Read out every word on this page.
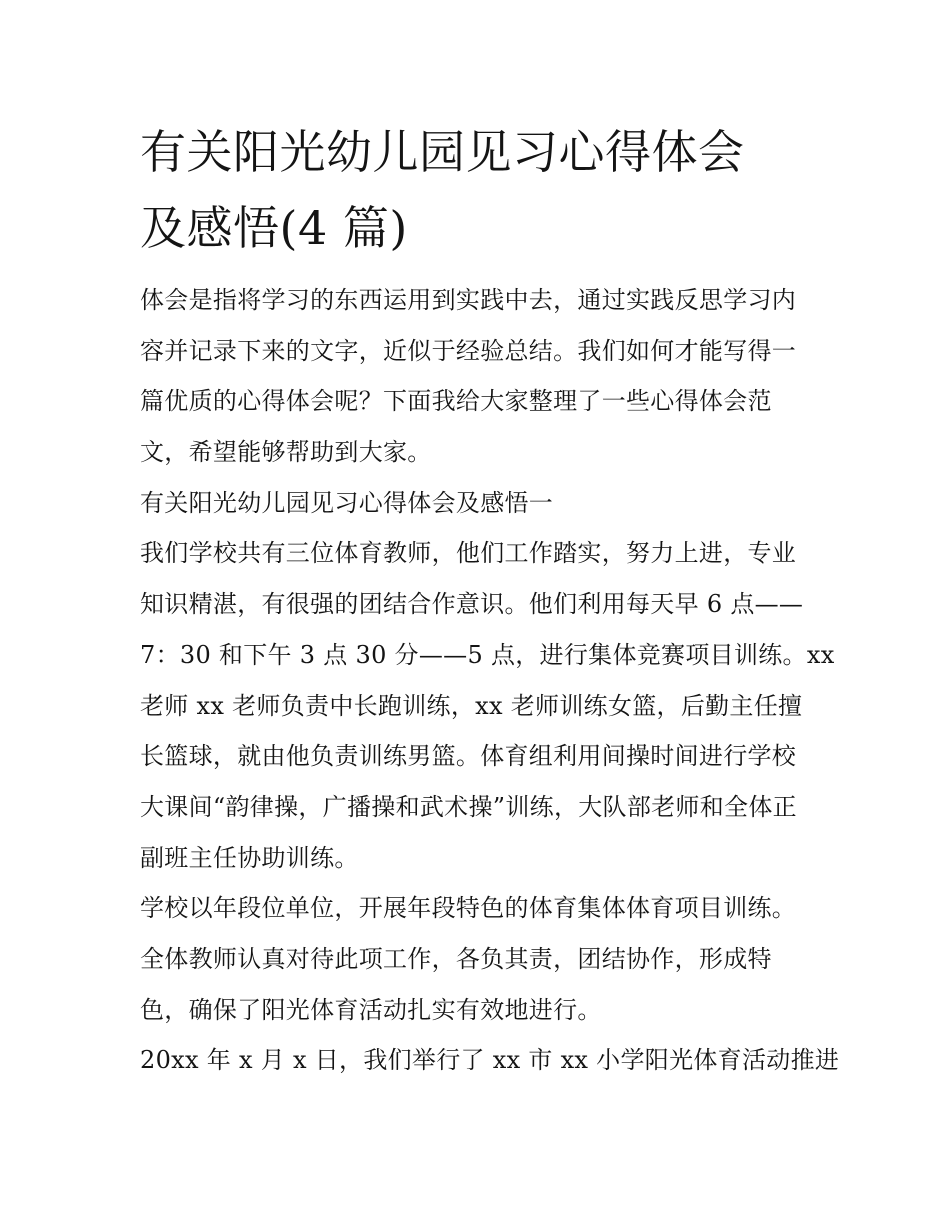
有关阳光幼儿园见习心得体会
及感悟(4 篇)
体会是指将学习的东西运用到实践中去，通过实践反思学习内
容并记录下来的文字，近似于经验总结。我们如何才能写得一
篇优质的心得体会呢？下面我给大家整理了一些心得体会范
文，希望能够帮助到大家。
有关阳光幼儿园见习心得体会及感悟一
我们学校共有三位体育教师，他们工作踏实，努力上进，专业
知识精湛，有很强的团结合作意识。他们利用每天早 6 点——
7：30 和下午 3 点 30 分——5 点，进行集体竞赛项目训练。xx
老师 xx 老师负责中长跑训练，xx 老师训练女篮，后勤主任擅
长篮球，就由他负责训练男篮。体育组利用间操时间进行学校
大课间“韵律操，广播操和武术操”训练，大队部老师和全体正
副班主任协助训练。
学校以年段位单位，开展年段特色的体育集体体育项目训练。
全体教师认真对待此项工作，各负其责，团结协作，形成特
色，确保了阳光体育活动扎实有效地进行。
20xx 年 x 月 x 日，我们举行了 xx 市 xx 小学阳光体育活动推进
